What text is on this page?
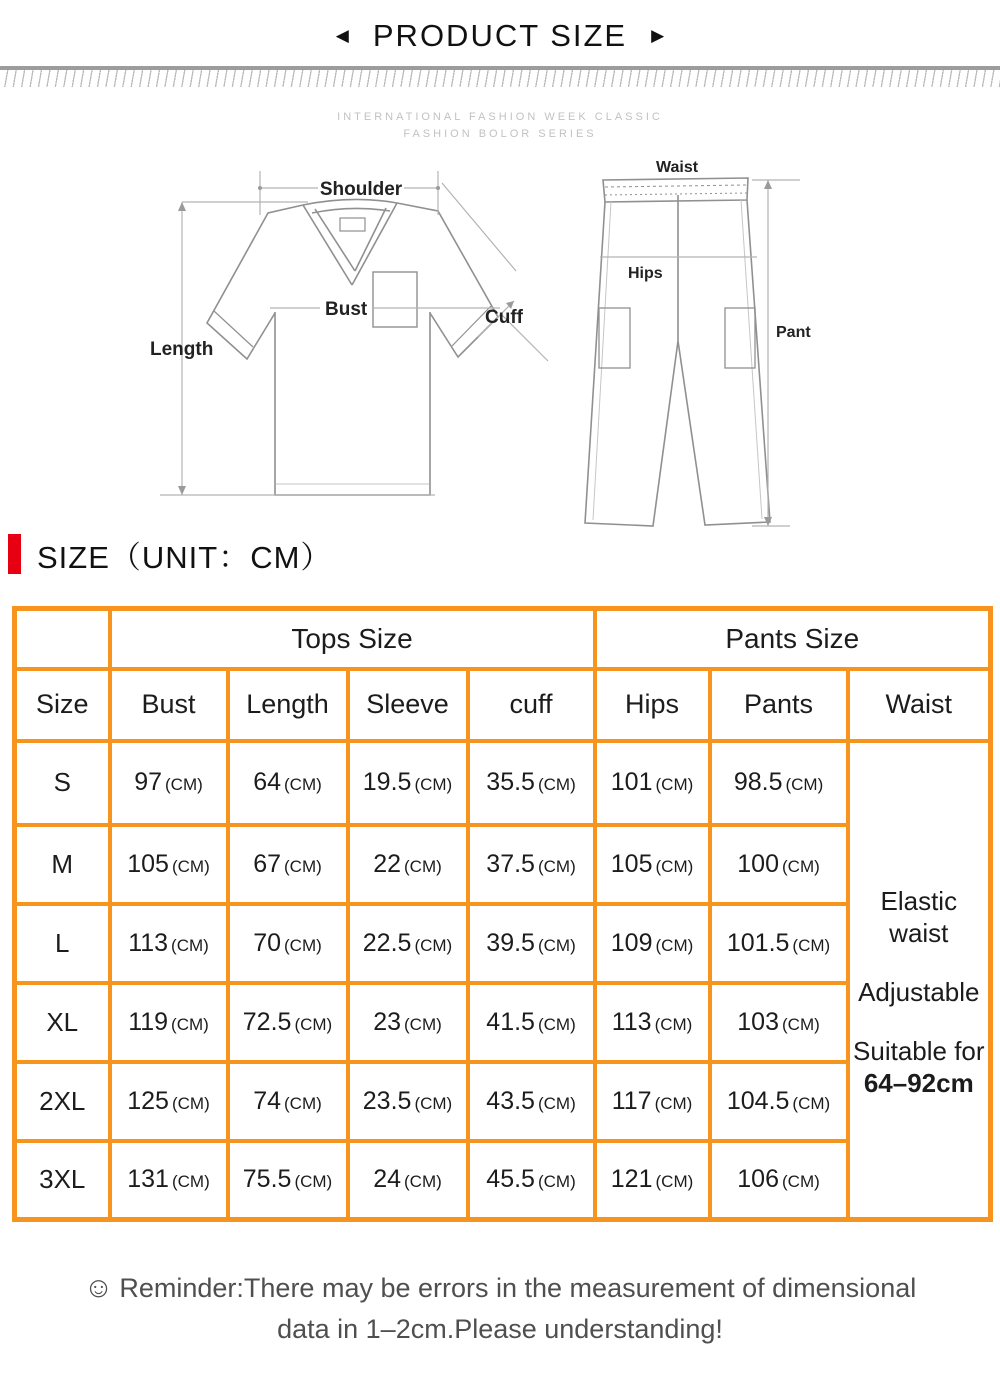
◀ PRODUCT SIZE ▶
INTERNATIONAL FASHION WEEK CLASSIC
FASHION BOLOR SERIES
Shoulder
Bust	Cuff
Length
Waist
Hips
Pant
SIZE（UNIT：CM）
	Tops Size				Pants Size		
Size	Bust	Length	Sleeve	cuff	Hips	Pants	Waist
S	97 (CM)	64 (CM)	19.5 (CM)	35.5 (CM)	101 (CM)	98.5 (CM)	Elastic waist
Adjustable
Suitable for
64–92cm

M	105 (CM)	67 (CM)	22 (CM)	37.5 (CM)	105 (CM)	100 (CM)	
L	113 (CM)	70 (CM)	22.5 (CM)	39.5 (CM)	109 (CM)	101.5 (CM)	
XL	119 (CM)	72.5 (CM)	23 (CM)	41.5 (CM)	113 (CM)	103 (CM)	
2XL	125 (CM)	74 (CM)	23.5 (CM)	43.5 (CM)	117 (CM)	104.5 (CM)	
3XL	131 (CM)	75.5 (CM)	24 (CM)	45.5 (CM)	121 (CM)	106 (CM)	
☺ Reminder:There may be errors in the measurement of dimensional
data in 1–2cm.Please understanding!
